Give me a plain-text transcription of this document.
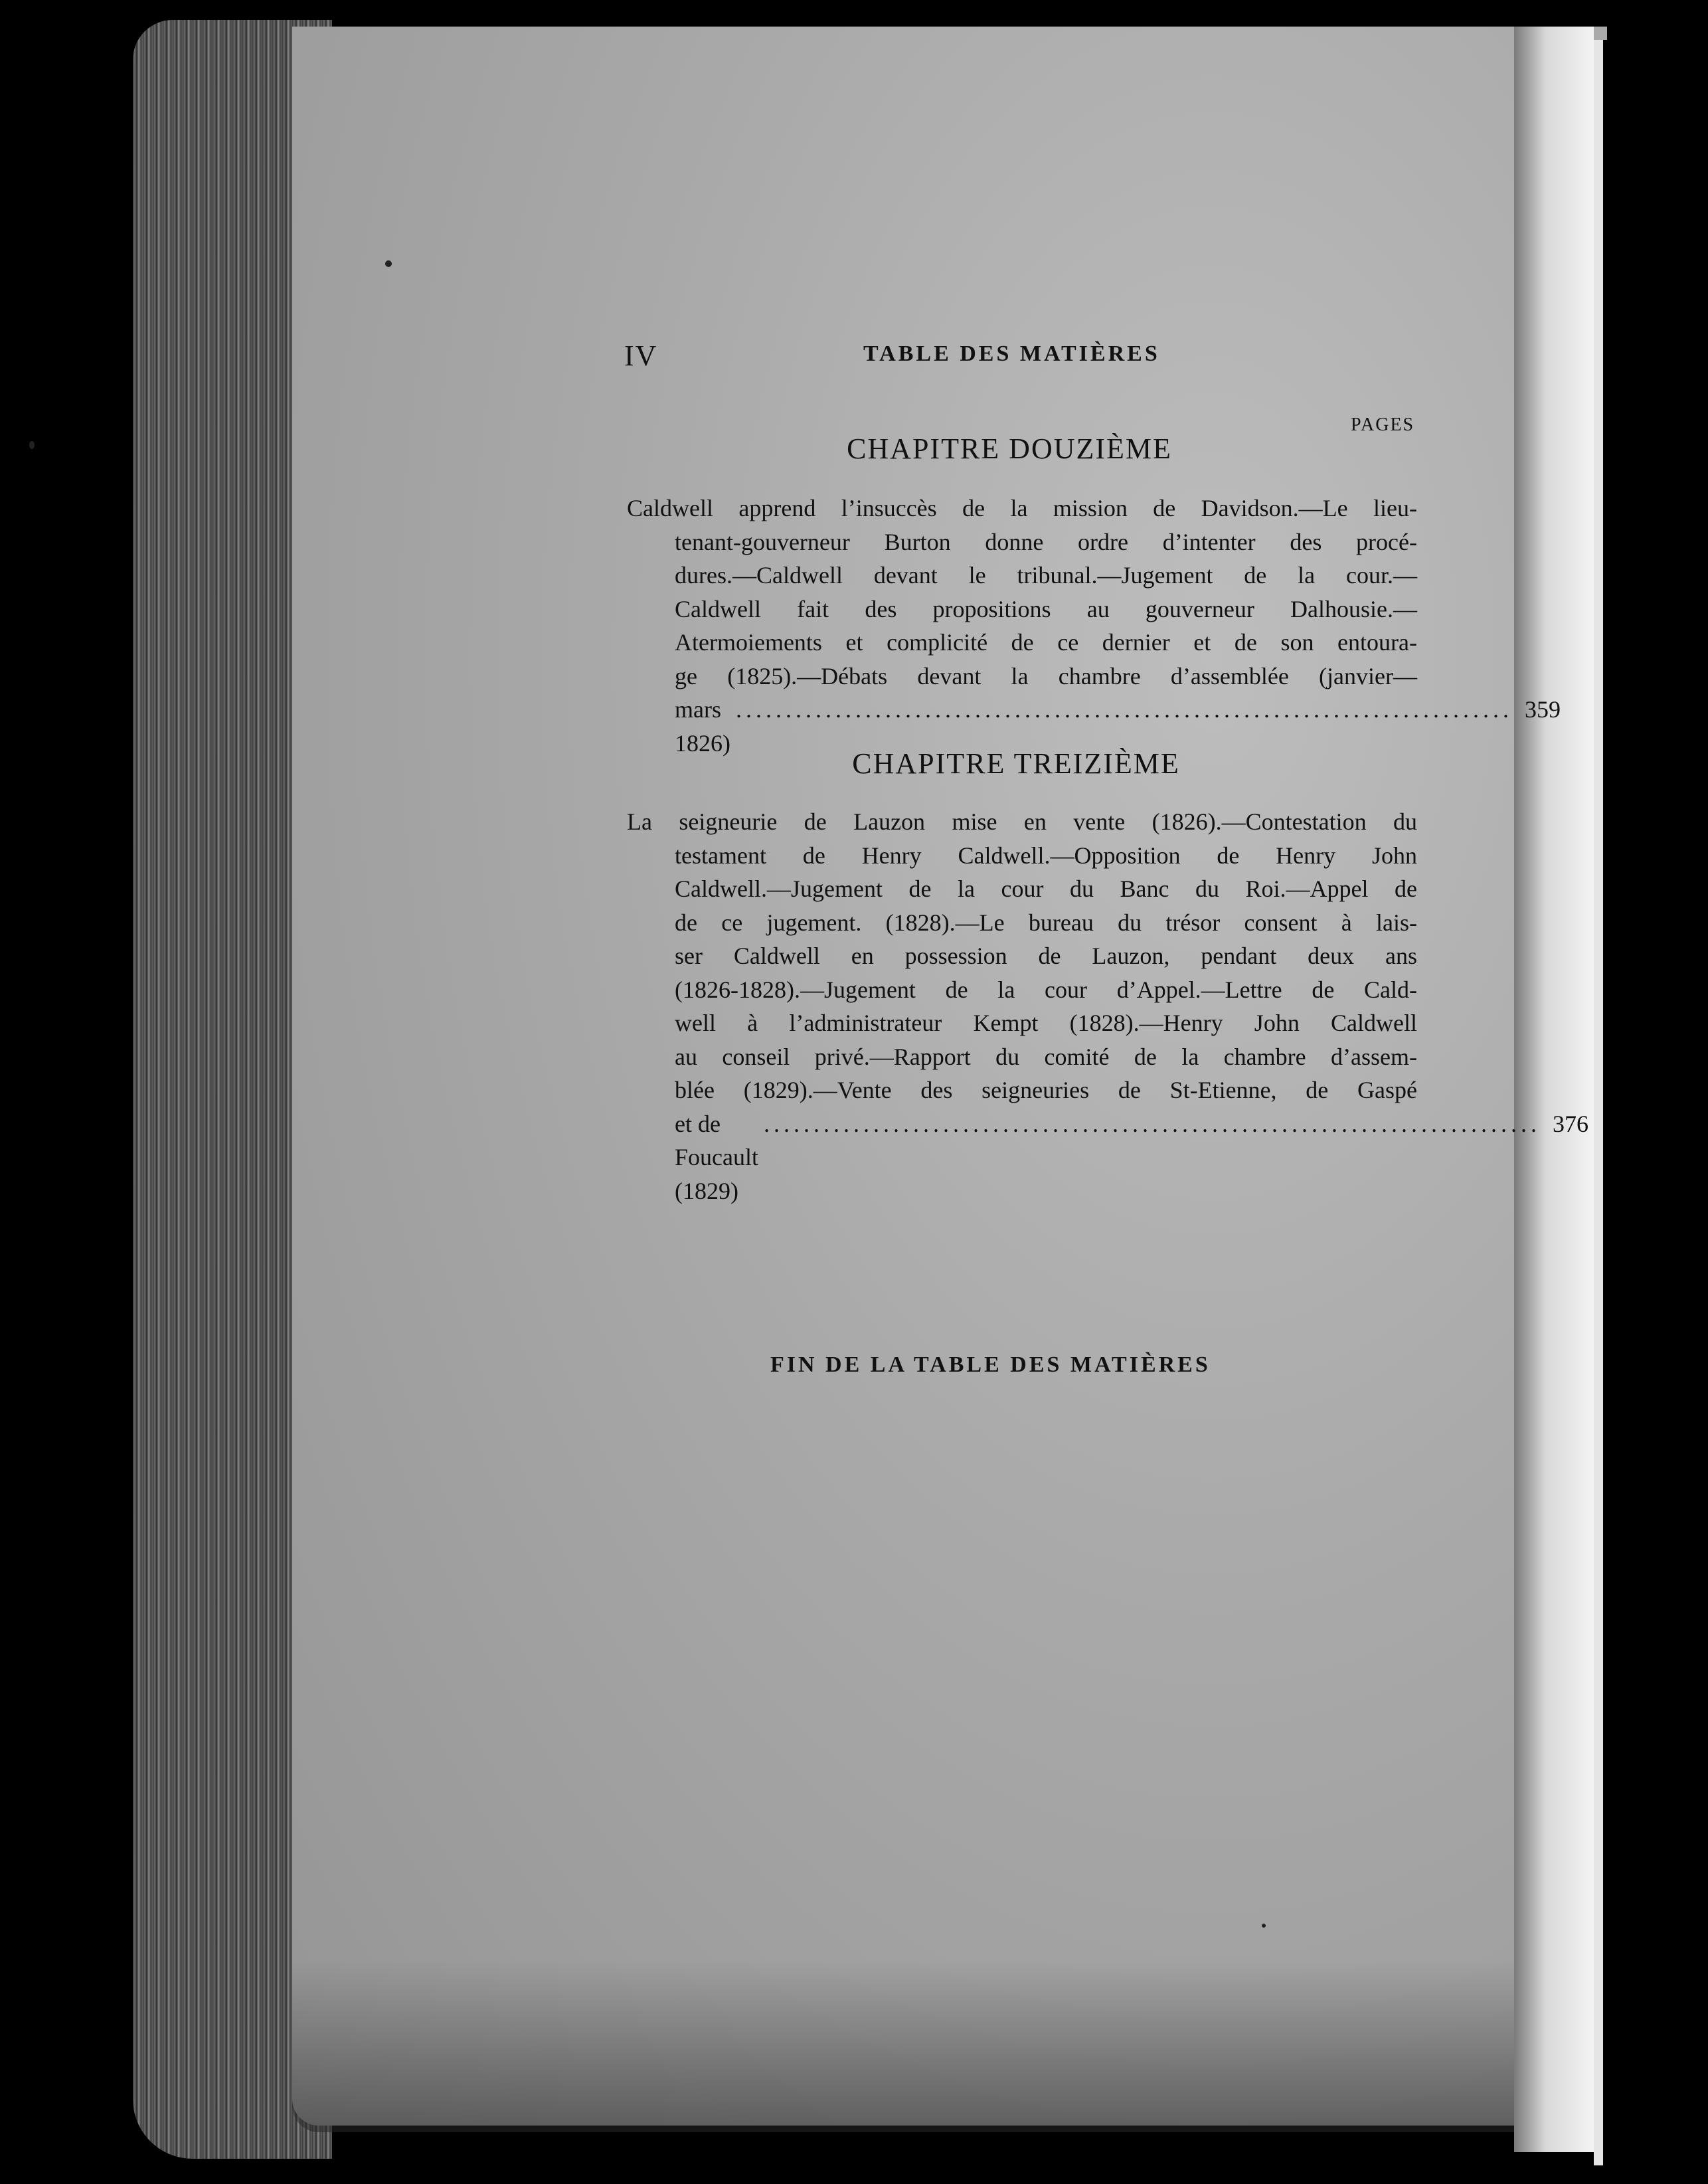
IV	TABLE DES MATIÈRES
PAGES
CHAPITRE DOUZIÈME
Caldwell apprend l’insuccès de la mission de Davidson.—Le lieu-
tenant-gouverneur Burton donne ordre d’intenter des procé-
dures.—Caldwell devant le tribunal.—Jugement de la cour.—
Caldwell fait des propositions au gouverneur Dalhousie.—
Atermoiements et complicité de ce dernier et de son entoura-
ge (1825).—Débats devant la chambre d’assemblée (janvier—
mars 1826)
.............................................................................. 359
CHAPITRE TREIZIÈME
La seigneurie de Lauzon mise en vente (1826).—Contestation du
testament de Henry Caldwell.—Opposition de Henry John
Caldwell.—Jugement de la cour du Banc du Roi.—Appel de
de ce jugement. (1828).—Le bureau du trésor consent à lais-
ser Caldwell en possession de Lauzon, pendant deux ans
(1826-1828).—Jugement de la cour d’Appel.—Lettre de Cald-
well à l’administrateur Kempt (1828).—Henry John Caldwell
au conseil privé.—Rapport du comité de la chambre d’assem-
blée (1829).—Vente des seigneuries de St-Etienne, de Gaspé
et de Foucault (1829)
.............................................................................. 376
FIN DE LA TABLE DES MATIÈRES
